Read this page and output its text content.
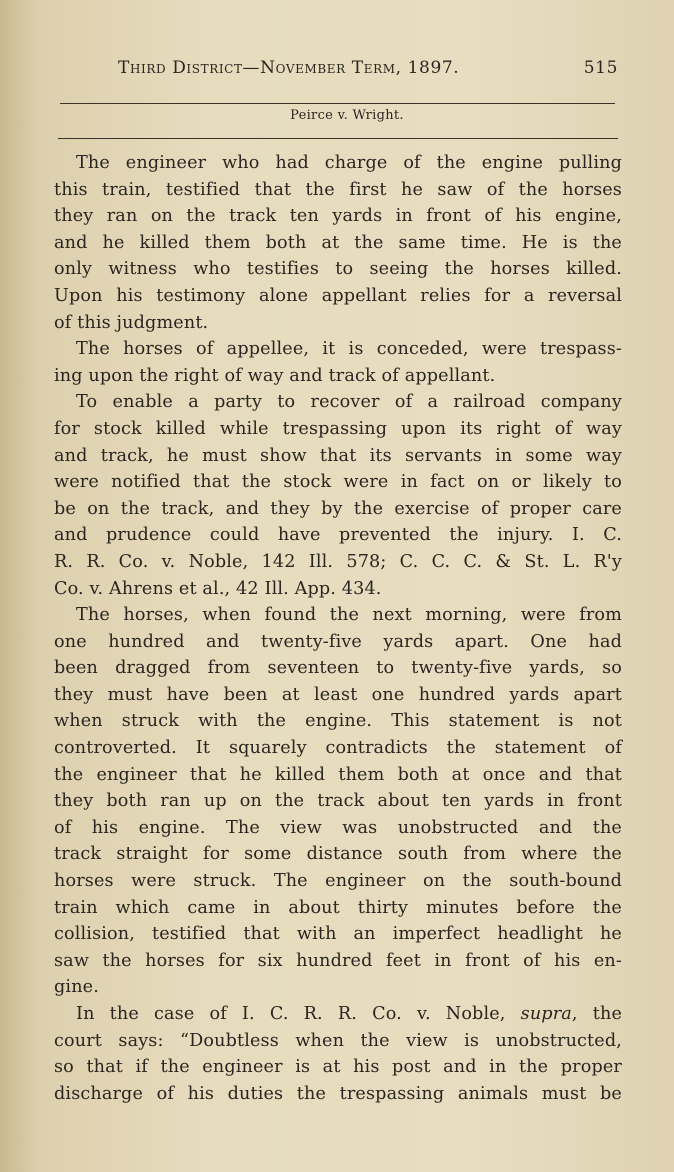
Third District—November Term, 1897.	515
Peirce v. Wright.
The engineer who had charge of the engine pulling
this train, testified that the first he saw of the horses
they ran on the track ten yards in front of his engine,
and he killed them both at the same time. He is the
only witness who testifies to seeing the horses killed.
Upon his testimony alone appellant relies for a reversal
of this judgment.
The horses of appellee, it is conceded, were trespass-
ing upon the right of way and track of appellant.
To enable a party to recover of a railroad company
for stock killed while trespassing upon its right of way
and track, he must show that its servants in some way
were notified that the stock were in fact on or likely to
be on the track, and they by the exercise of proper care
and prudence could have prevented the injury. I. C.
R. R. Co. v. Noble, 142 Ill. 578; C. C. C. & St. L. R'y
Co. v. Ahrens et al., 42 Ill. App. 434.
The horses, when found the next morning, were from
one hundred and twenty-five yards apart. One had
been dragged from seventeen to twenty-five yards, so
they must have been at least one hundred yards apart
when struck with the engine. This statement is not
controverted. It squarely contradicts the statement of
the engineer that he killed them both at once and that
they both ran up on the track about ten yards in front
of his engine. The view was unobstructed and the
track straight for some distance south from where the
horses were struck. The engineer on the south-bound
train which came in about thirty minutes before the
collision, testified that with an imperfect headlight he
saw the horses for six hundred feet in front of his en-
gine.
In the case of I. C. R. R. Co. v. Noble, supra, the
court says: “Doubtless when the view is unobstructed,
so that if the engineer is at his post and in the proper
discharge of his duties the trespassing animals must be
